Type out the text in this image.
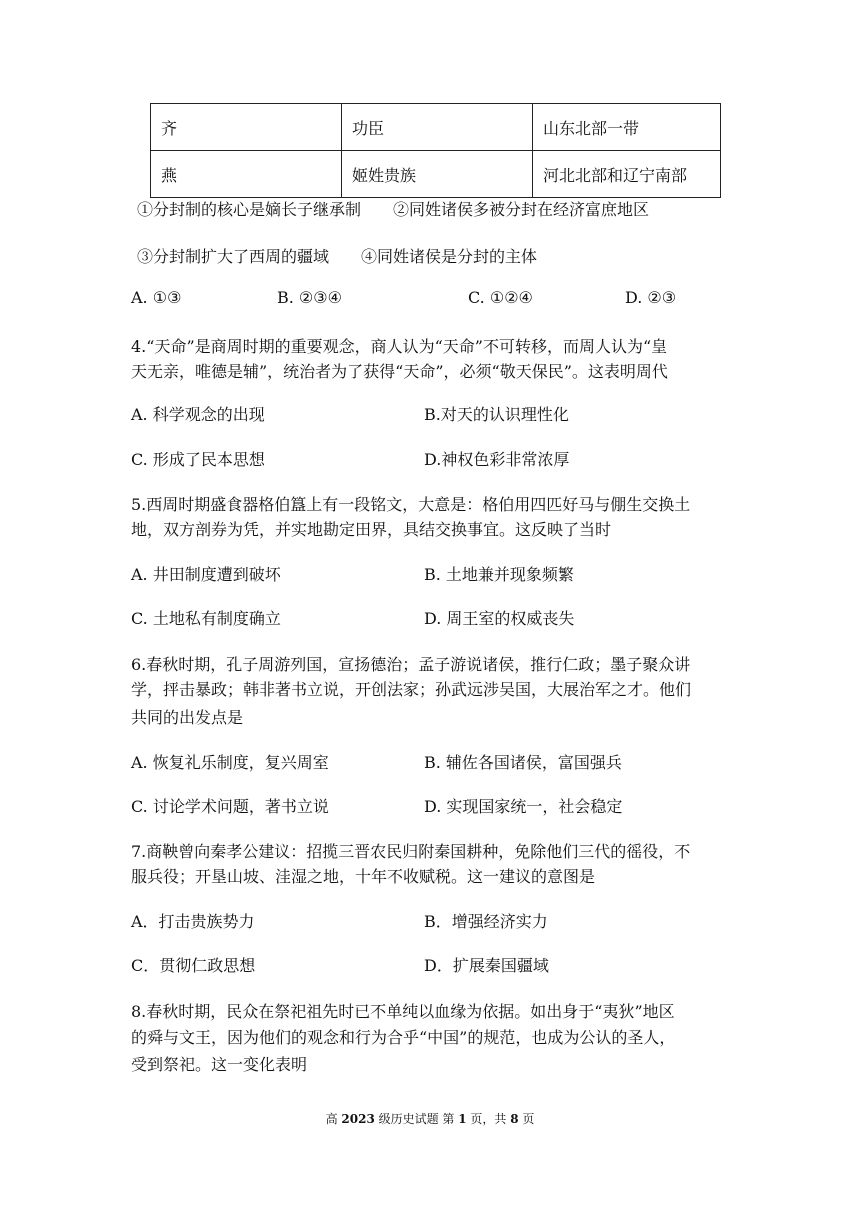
齐	功臣	山东北部一带
燕	姬姓贵族	河北北部和辽宁南部
①分封制的核心是嫡长子继承制　　②同姓诸侯多被分封在经济富庶地区
③分封制扩大了西周的疆域　　④同姓诸侯是分封的主体
A. ①③	B. ②③④	C. ①②④	D. ②③
4.“天命”是商周时期的重要观念，商人认为“天命”不可转移，而周人认为“皇
天无亲，唯德是辅”，统治者为了获得“天命”，必须“敬天保民”。这表明周代
A. 科学观念的出现	B.对天的认识理性化
C. 形成了民本思想	D.神权色彩非常浓厚
5.西周时期盛食器格伯簋上有一段铭文，大意是：格伯用四匹好马与倗生交换土
地，双方剖券为凭，并实地勘定田界，具结交换事宜。这反映了当时
A. 井田制度遭到破坏	B. 土地兼并现象频繁
C. 土地私有制度确立	D. 周王室的权威丧失
6.春秋时期，孔子周游列国，宣扬德治；孟子游说诸侯，推行仁政；墨子聚众讲
学，抨击暴政；韩非著书立说，开创法家；孙武远涉吴国，大展治军之才。他们
共同的出发点是
A. 恢复礼乐制度，复兴周室	B. 辅佐各国诸侯，富国强兵
C. 讨论学术问题，著书立说	D. 实现国家统一，社会稳定
7.商鞅曾向秦孝公建议：招揽三晋农民归附秦国耕种，免除他们三代的徭役，不
服兵役；开垦山坡、洼湿之地，十年不收赋税。这一建议的意图是
A．打击贵族势力	B．增强经济实力
C．贯彻仁政思想	D．扩展秦国疆域
8.春秋时期，民众在祭祀祖先时已不单纯以血缘为依据。如出身于“夷狄”地区
的舜与文王，因为他们的观念和行为合乎“中国”的规范，也成为公认的圣人，
受到祭祀。这一变化表明
高 2023 级历史试题 第 1 页，共 8 页
